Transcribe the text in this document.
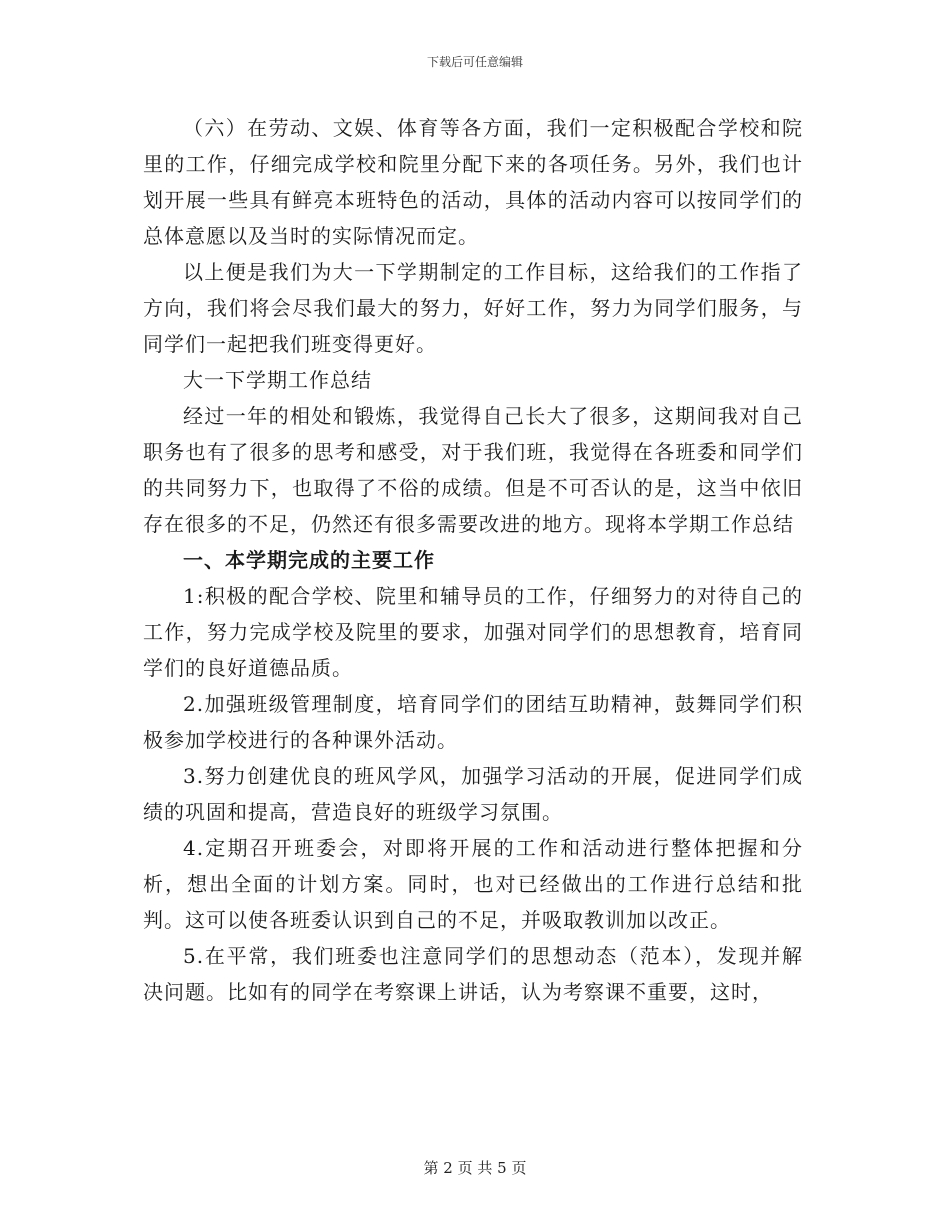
下载后可任意编辑

（六）在劳动、文娱、体育等各方面，我们一定积极配合学校和院里的工作，仔细完成学校和院里分配下来的各项任务。另外，我们也计划开展一些具有鲜亮本班特色的活动，具体的活动内容可以按同学们的总体意愿以及当时的实际情况而定。

以上便是我们为大一下学期制定的工作目标，这给我们的工作指了方向，我们将会尽我们最大的努力，好好工作，努力为同学们服务，与同学们一起把我们班变得更好。

大一下学期工作总结

经过一年的相处和锻炼，我觉得自己长大了很多，这期间我对自己职务也有了很多的思考和感受，对于我们班，我觉得在各班委和同学们的共同努力下，也取得了不俗的成绩。但是不可否认的是，这当中依旧存在很多的不足，仍然还有很多需要改进的地方。现将本学期工作总结

一、本学期完成的主要工作

1:积极的配合学校、院里和辅导员的工作，仔细努力的对待自己的工作，努力完成学校及院里的要求，加强对同学们的思想教育，培育同学们的良好道德品质。

2.加强班级管理制度，培育同学们的团结互助精神，鼓舞同学们积极参加学校进行的各种课外活动。

3.努力创建优良的班风学风，加强学习活动的开展，促进同学们成绩的巩固和提高，营造良好的班级学习氛围。

4.定期召开班委会，对即将开展的工作和活动进行整体把握和分析，想出全面的计划方案。同时，也对已经做出的工作进行总结和批判。这可以使各班委认识到自己的不足，并吸取教训加以改正。

5.在平常，我们班委也注意同学们的思想动态（范本），发现并解决问题。比如有的同学在考察课上讲话，认为考察课不重要，这时，

第 2 页 共 5 页
